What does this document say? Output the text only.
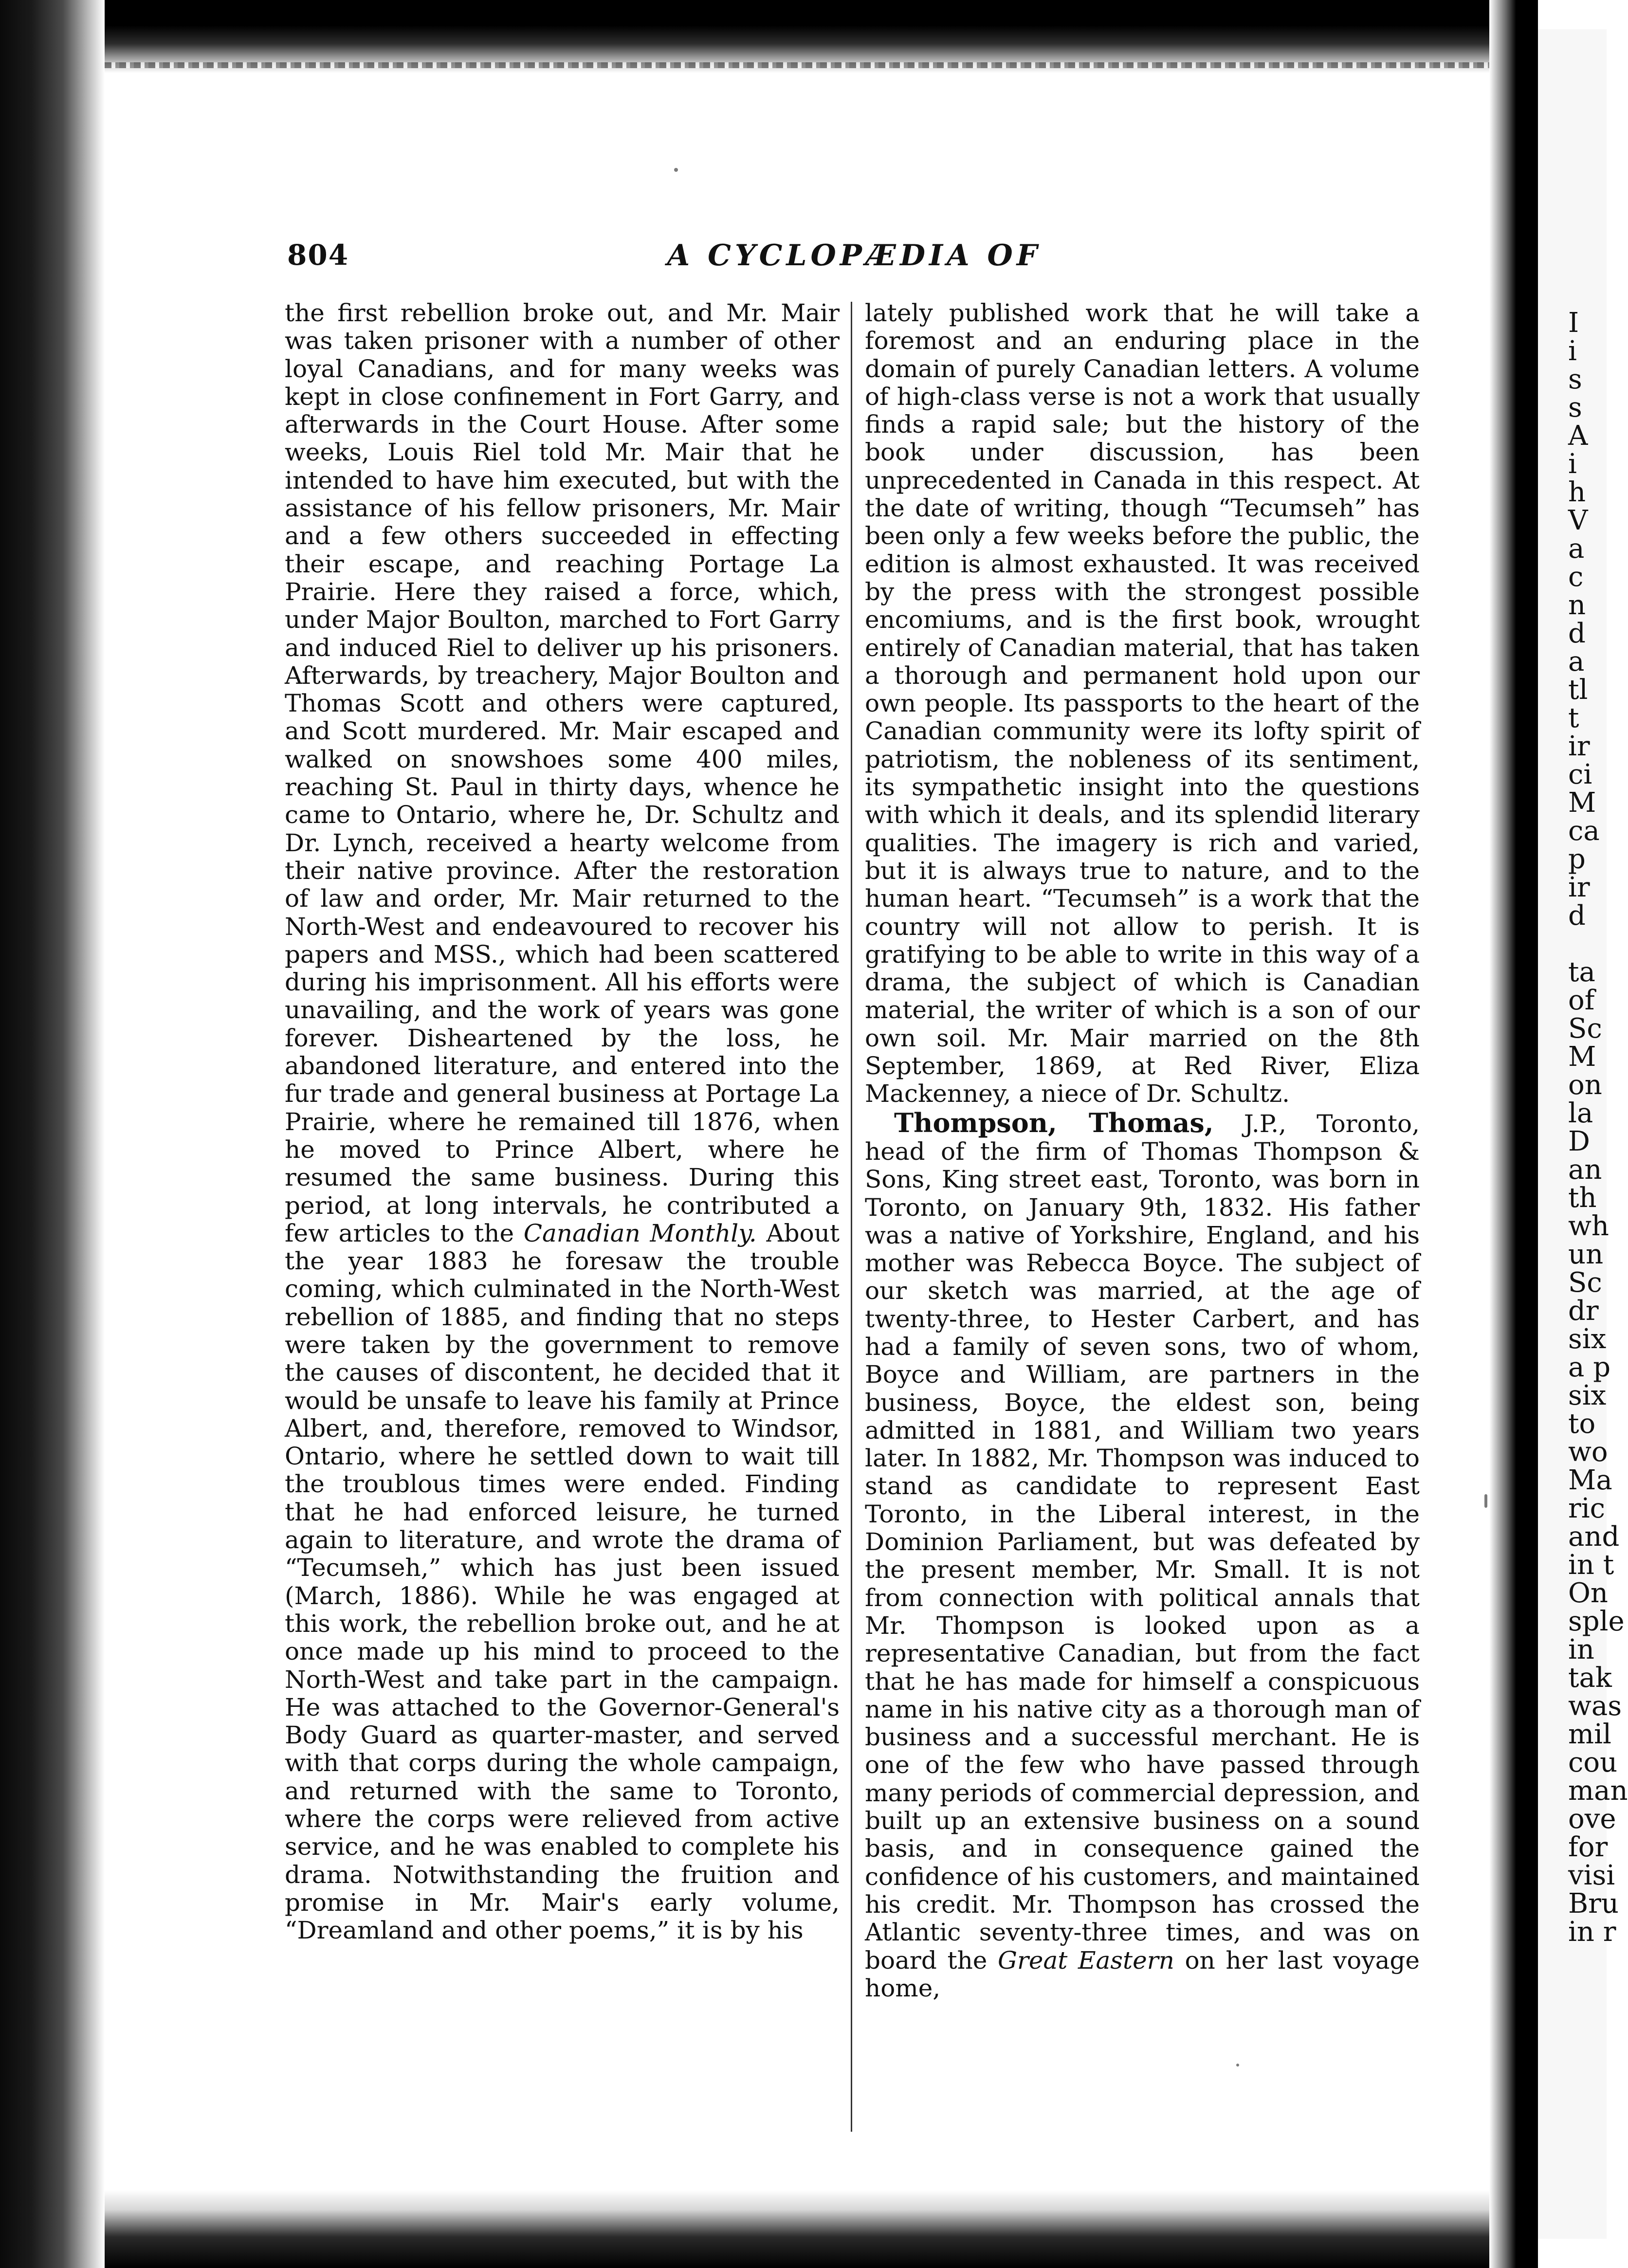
I
i
s
s
A
i
h
V
a
c
n
d
a
tl
t
ir
ci
M
ca
p
ir
d
ta
of
Sc
M
on
la
D
an
th
wh
un
Sc
dr
six
a p
six
to
wo
Ma
ric
and
in t
On
sple
in
tak
was
mil
cou
man
ove
for
visi
Bru
in r
804	A CYCLOPÆDIA OF

the first rebellion broke out, and Mr. Mair was taken prisoner with a number of other loyal Canadians, and for many weeks was kept in close confinement in Fort Garry, and afterwards in the Court House. After some weeks, Louis Riel told Mr. Mair that he intended to have him executed, but with the assistance of his fellow prisoners, Mr. Mair and a few others succeeded in effecting their escape, and reaching Portage La Prairie. Here they raised a force, which, under Major Boulton, marched to Fort Garry and induced Riel to deliver up his prisoners. Afterwards, by treachery, Major Boulton and Thomas Scott and others were captured, and Scott murdered. Mr. Mair escaped and walked on snowshoes some 400 miles, reaching St. Paul in thirty days, whence he came to Ontario, where he, Dr. Schultz and Dr. Lynch, received a hearty welcome from their native province. After the restoration of law and order, Mr. Mair returned to the North-West and endeavoured to recover his papers and MSS., which had been scattered during his imprisonment. All his efforts were unavailing, and the work of years was gone forever. Disheartened by the loss, he abandoned literature, and entered into the fur trade and general business at Portage La Prairie, where he remained till 1876, when he moved to Prince Albert, where he resumed the same business. During this period, at long intervals, he contributed a few articles to the Canadian Monthly. About the year 1883 he foresaw the trouble coming, which culminated in the North-West rebellion of 1885, and finding that no steps were taken by the government to remove the causes of discontent, he decided that it would be unsafe to leave his family at Prince Albert, and, therefore, removed to Windsor, Ontario, where he settled down to wait till the troublous times were ended. Finding that he had enforced leisure, he turned again to literature, and wrote the drama of “Tecumseh,” which has just been issued (March, 1886). While he was engaged at this work, the rebellion broke out, and he at once made up his mind to proceed to the North-West and take part in the campaign. He was attached to the Governor-General's Body Guard as quarter-master, and served with that corps during the whole campaign, and returned with the same to Toronto, where the corps were relieved from active service, and he was enabled to complete his drama. Notwithstanding the fruition and promise in Mr. Mair's early volume, “Dreamland and other poems,” it is by his

lately published work that he will take a foremost and an enduring place in the domain of purely Canadian letters. A volume of high-class verse is not a work that usually finds a rapid sale; but the history of the book under discussion, has been unprecedented in Canada in this respect. At the date of writing, though “Tecumseh” has been only a few weeks before the public, the edition is almost exhausted. It was received by the press with the strongest possible encomiums, and is the first book, wrought entirely of Canadian material, that has taken a thorough and permanent hold upon our own people. Its passports to the heart of the Canadian community were its lofty spirit of patriotism, the nobleness of its sentiment, its sympathetic insight into the questions with which it deals, and its splendid literary qualities. The imagery is rich and varied, but it is always true to nature, and to the human heart. “Tecumseh” is a work that the country will not allow to perish. It is gratifying to be able to write in this way of a drama, the subject of which is Canadian material, the writer of which is a son of our own soil. Mr. Mair married on the 8th September, 1869, at Red River, Eliza Mackenney, a niece of Dr. Schultz.

Thompson, Thomas, J.P., Toronto, head of the firm of Thomas Thompson & Sons, King street east, Toronto, was born in Toronto, on January 9th, 1832. His father was a native of Yorkshire, England, and his mother was Rebecca Boyce. The subject of our sketch was married, at the age of twenty-three, to Hester Carbert, and has had a family of seven sons, two of whom, Boyce and William, are partners in the business, Boyce, the eldest son, being admitted in 1881, and William two years later. In 1882, Mr. Thompson was induced to stand as candidate to represent East Toronto, in the Liberal interest, in the Dominion Parliament, but was defeated by the present member, Mr. Small. It is not from connection with political annals that Mr. Thompson is looked upon as a representative Canadian, but from the fact that he has made for himself a conspicuous name in his native city as a thorough man of business and a successful merchant. He is one of the few who have passed through many periods of commercial depression, and built up an extensive business on a sound basis, and in consequence gained the confidence of his customers, and maintained his credit. Mr. Thompson has crossed the Atlantic seventy-three times, and was on board the Great Eastern on her last voyage home,
